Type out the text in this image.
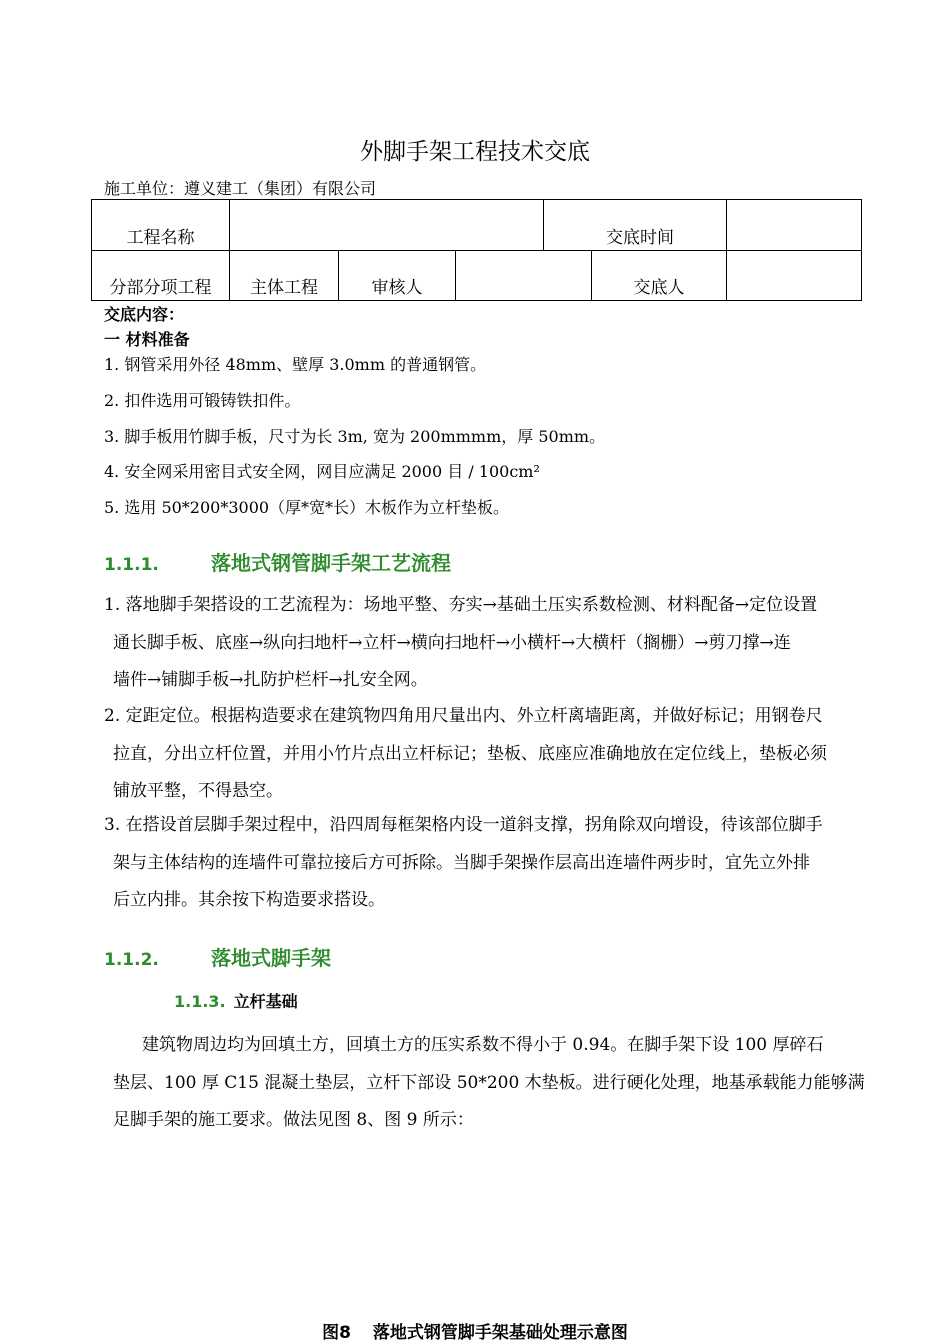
外脚手架工程技术交底
施工单位：遵义建工（集团）有限公司
工程名称				交底时间		
分部分项工程	主体工程	审核人			交底人	
交底内容：
一 材料准备
1. 钢管采用外径 48mm、壁厚 3.0mm 的普通钢管。
2. 扣件选用可锻铸铁扣件。
3. 脚手板用竹脚手板，尺寸为长 3m, 宽为 200mmmm，厚 50mm。
4. 安全网采用密目式安全网，网目应满足 2000 目 / 100cm²
5. 选用 50*200*3000（厚*宽*长）木板作为立杆垫板。
1.1.1.	落地式钢管脚手架工艺流程
1. 落地脚手架搭设的工艺流程为：场地平整、夯实→基础土压实系数检测、材料配备→定位设置
通长脚手板、底座→纵向扫地杆→立杆→横向扫地杆→小横杆→大横杆（搁栅）→剪刀撑→连
墙件→铺脚手板→扎防护栏杆→扎安全网。
2. 定距定位。根据构造要求在建筑物四角用尺量出内、外立杆离墙距离，并做好标记；用钢卷尺
拉直，分出立杆位置，并用小竹片点出立杆标记；垫板、底座应准确地放在定位线上，垫板必须
铺放平整，不得悬空。
3. 在搭设首层脚手架过程中，沿四周每框架格内设一道斜支撑，拐角除双向增设，待该部位脚手
架与主体结构的连墙件可靠拉接后方可拆除。当脚手架操作层高出连墙件两步时，宜先立外排
后立内排。其余按下构造要求搭设。
1.1.2.	落地式脚手架
1.1.3. 立杆基础
建筑物周边均为回填土方，回填土方的压实系数不得小于 0.94。在脚手架下设 100 厚碎石
垫层、100 厚 C15 混凝土垫层，立杆下部设 50*200 木垫板。进行硬化处理，地基承载能力能够满
足脚手架的施工要求。做法见图 8、图 9 所示：
图8 落地式钢管脚手架基础处理示意图
